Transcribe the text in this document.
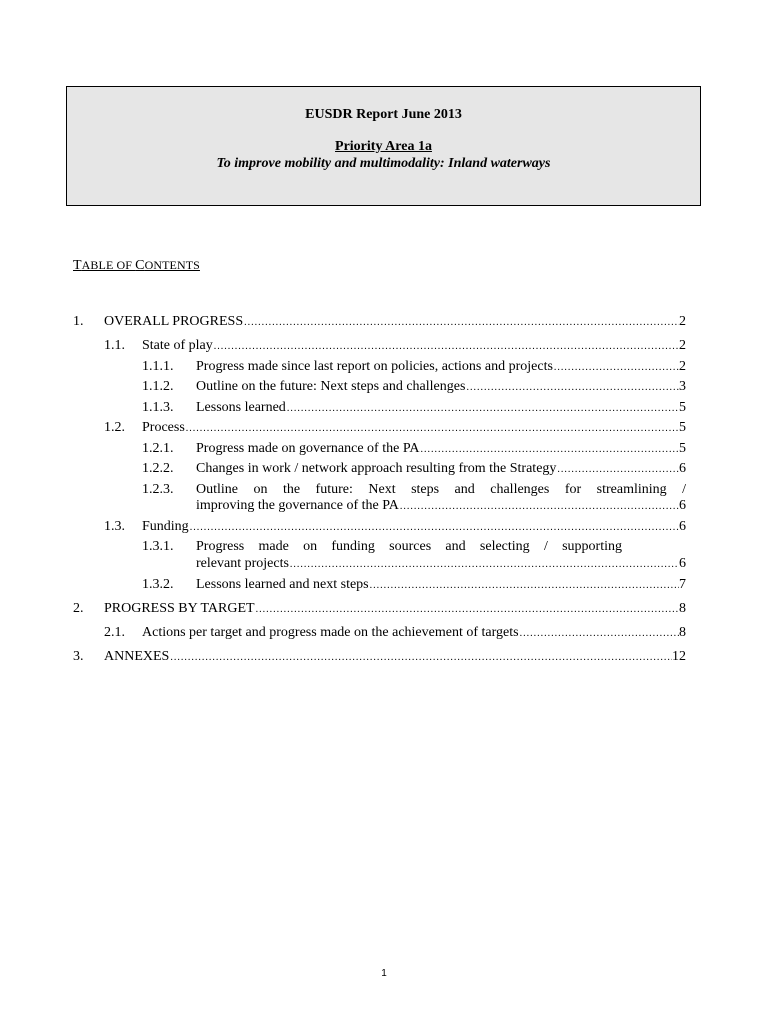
EUSDR Report June 2013
Priority Area 1a
To improve mobility and multimodality: Inland waterways
TABLE OF CONTENTS
1. OVERALL PROGRESS .....	2
1.1. State of play .....	2
1.1.1. Progress made since last report on policies, actions and projects .....	2
1.1.2. Outline on the future: Next steps and challenges .....	3
1.1.3. Lessons learned .....	5
1.2. Process .....	5
1.2.1. Progress made on governance of the PA .....	5
1.2.2. Changes in work / network approach resulting from the Strategy .....	6
1.2.3. Outline on the future: Next steps and challenges for streamlining /
improving the governance of the PA .....	6
1.3. Funding .....	6
1.3.1. Progress made on funding sources and selecting / supporting
relevant projects .....	6
1.3.2. Lessons learned and next steps .....	7
2. PROGRESS BY TARGET .....	8
2.1. Actions per target and progress made on the achievement of targets .....	8
3. ANNEXES .....	12
1
